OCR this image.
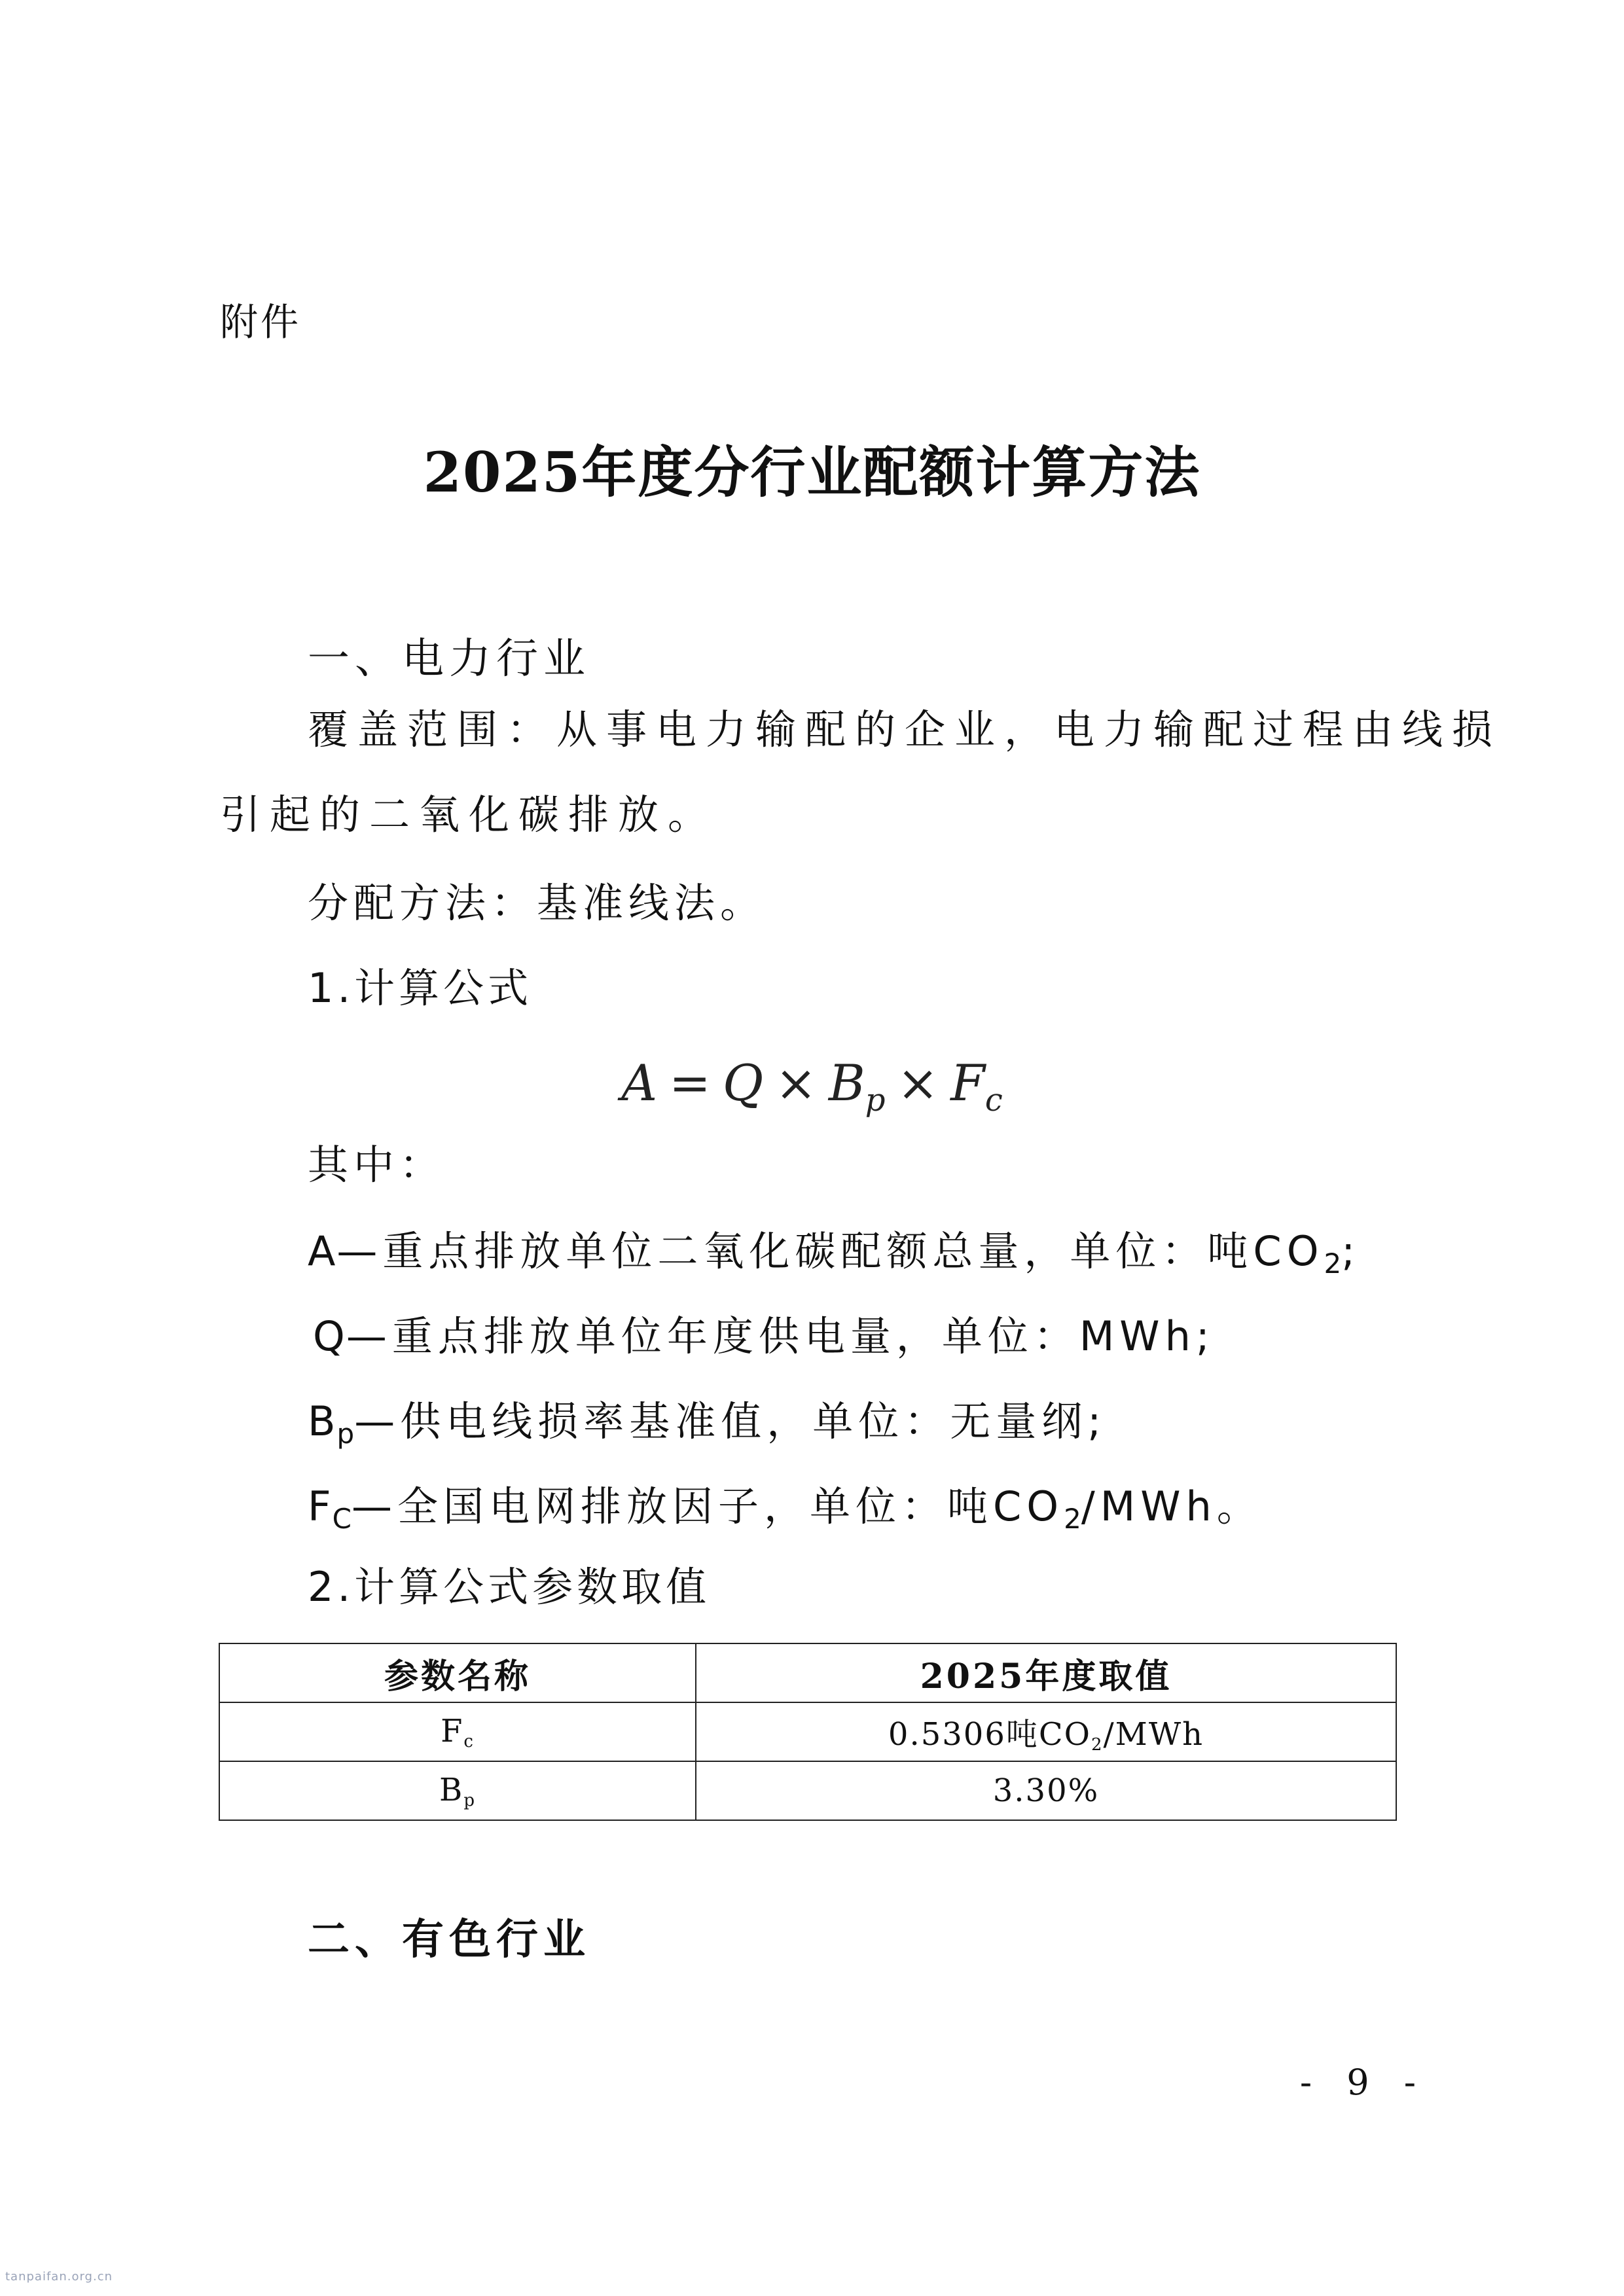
附件

2025年度分行业配额计算方法
一、电力行业

覆盖范围：从事电力输配的企业，电力输配过程由线损

引起的二氧化碳排放。

分配方法：基准线法。

1.计算公式

$A = Q \times B_p \times F_c$

其中：

A—重点排放单位二氧化碳配额总量，单位：吨$CO_2$;

Q—重点排放单位年度供电量，单位：MWh;

$B_p—$供电线损率基准值，单位：无量纲;

$F_C—$全国电网排放因子，单位：吨$CO_2$/MWh。

2.计算公式参数取值

参数名称	2025年度取值
$F_c$	0.5306吨$CO_2$/MWh
$B_p$	3.30%
二、有色行业

- 9 -

tanpaifan.org.cn
